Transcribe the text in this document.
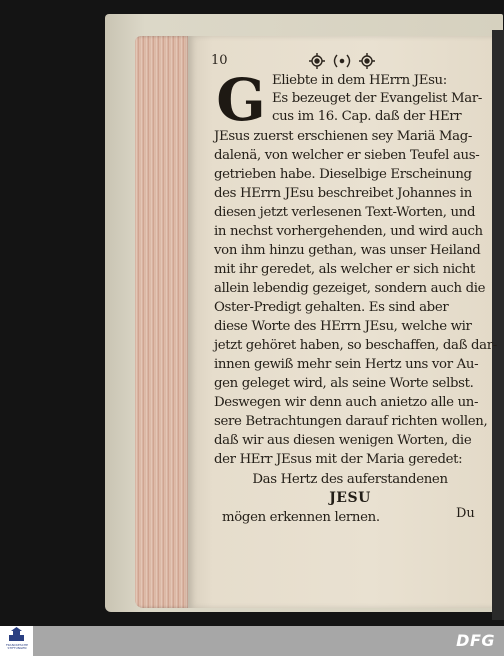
10
G Eliebte in dem HErrn JEsu:
Es bezeuget der Evangelist Mar-
cus im 16. Cap. daß der HErr
JEsus zuerst erschienen sey Mariä Mag-
dalenä, von welcher er sieben Teufel aus-
getrieben habe. Dieselbige Erscheinung
des HErrn JEsu beschreibet Johannes in
diesen jetzt verlesenen Text-Worten, und
in nechst vorhergehenden, und wird auch
von ihm hinzu gethan, was unser Heiland
mit ihr geredet, als welcher er sich nicht
allein lebendig gezeiget, sondern auch die
Oster-Predigt gehalten. Es sind aber
diese Worte des HErrn JEsu, welche wir
jetzt gehöret haben, so beschaffen, daß dar-
innen gewiß mehr sein Hertz uns vor Au-
gen geleget wird, als seine Worte selbst.
Deswegen wir denn auch anietzo alle un-
sere Betrachtungen darauf richten wollen,
daß wir aus diesen wenigen Worten, die
der HErr JEsus mit der Maria geredet:
Das Hertz des auferstandenen
JESU
mögen erkennen lernen.	Du
FRANCKESCHE STIFTUNGEN	DFG
